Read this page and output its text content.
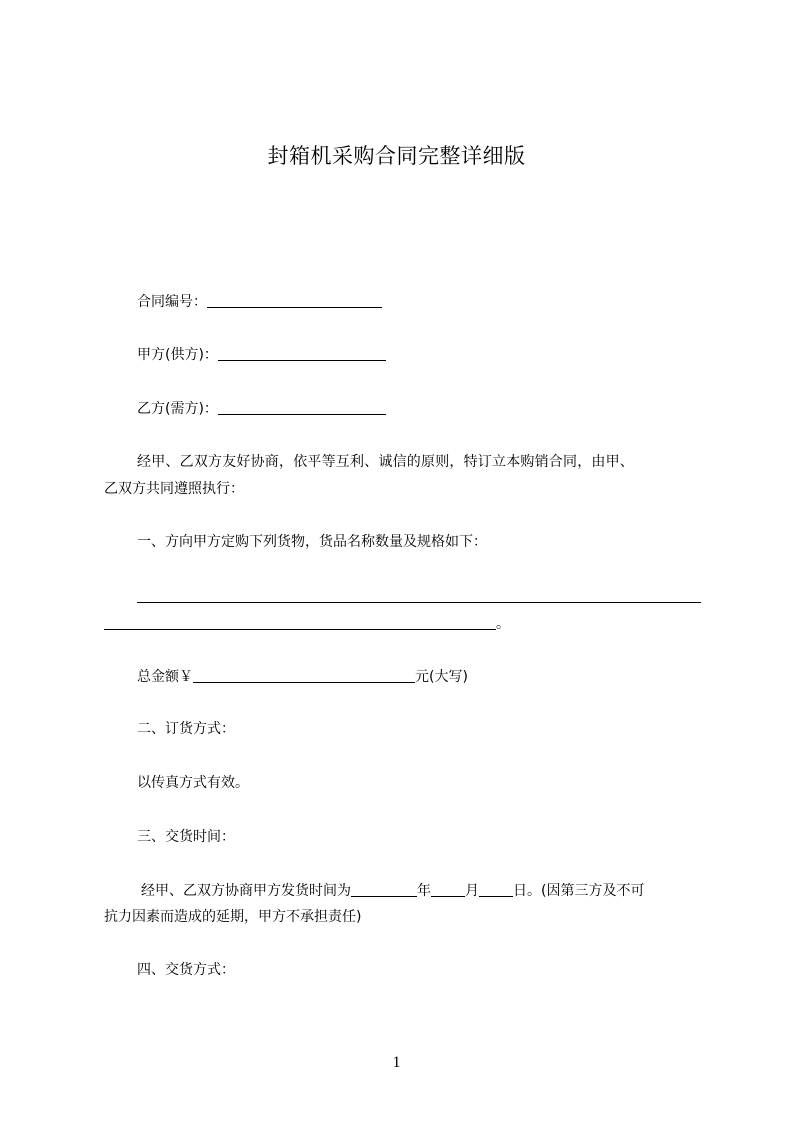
封箱机采购合同完整详细版
合同编号：
甲方(供方)：
乙方(需方)：
经甲、乙双方友好协商，依平等互利、诚信的原则，特订立本购销合同，由甲、
乙双方共同遵照执行：
一、方向甲方定购下列货物，货品名称数量及规格如下：
。
总金额￥	元(大写)
二、订货方式：
以传真方式有效。
三、交货时间：
经甲、乙双方协商甲方发货时间为	年 月 日。(因第三方及不可
抗力因素而造成的延期，甲方不承担责任)
四、交货方式：
1
